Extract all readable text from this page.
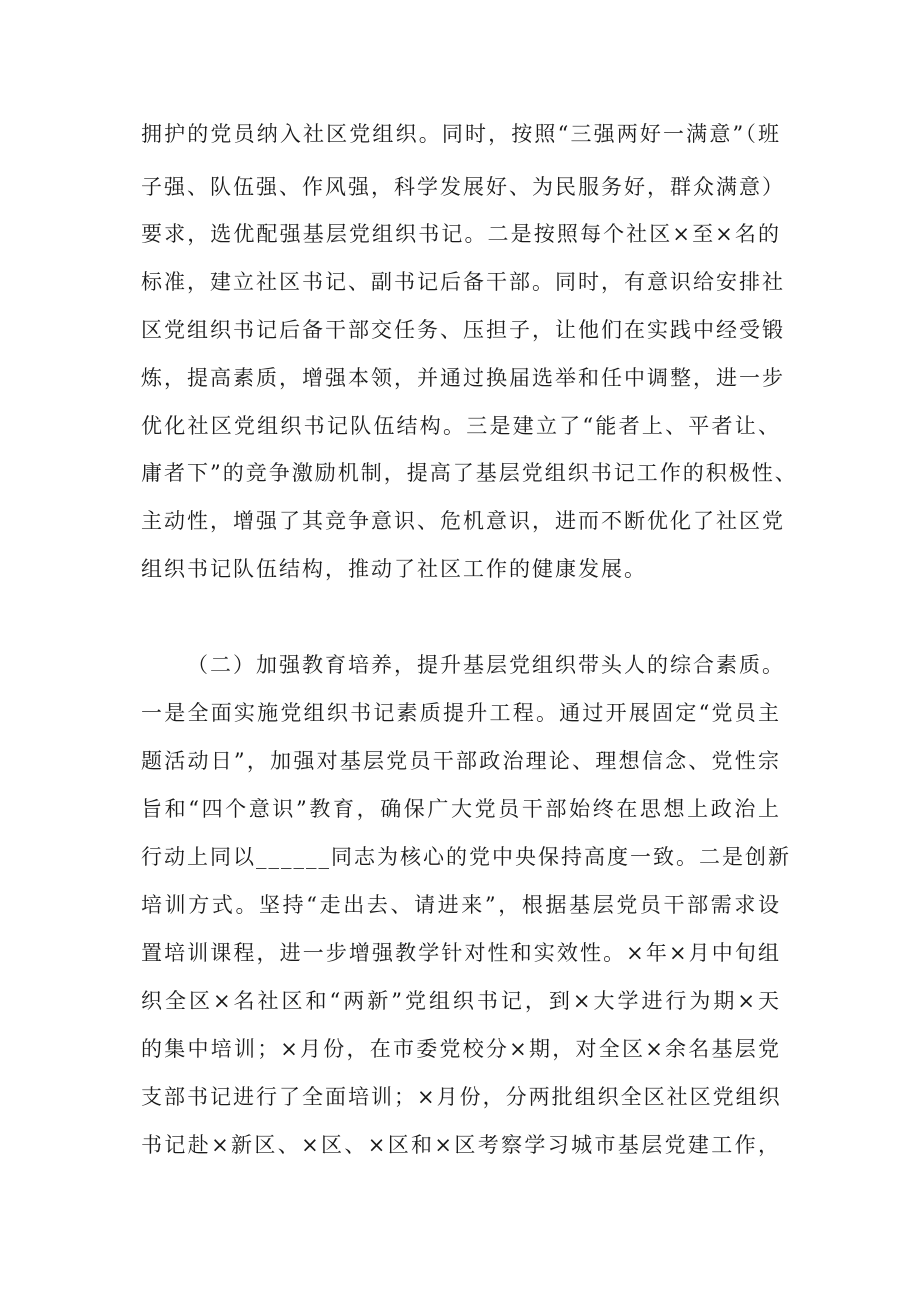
拥护的党员纳入社区党组织。同时，按照“三强两好一满意”（班
子强、队伍强、作风强，科学发展好、为民服务好，群众满意）
要求，选优配强基层党组织书记。二是按照每个社区×至×名的
标准，建立社区书记、副书记后备干部。同时，有意识给安排社
区党组织书记后备干部交任务、压担子，让他们在实践中经受锻
炼，提高素质，增强本领，并通过换届选举和任中调整，进一步
优化社区党组织书记队伍结构。三是建立了“能者上、平者让、
庸者下”的竞争激励机制，提高了基层党组织书记工作的积极性、
主动性，增强了其竞争意识、危机意识，进而不断优化了社区党
组织书记队伍结构，推动了社区工作的健康发展。
（二）加强教育培养，提升基层党组织带头人的综合素质。
一是全面实施党组织书记素质提升工程。通过开展固定“党员主
题活动日”，加强对基层党员干部政治理论、理想信念、党性宗
旨和“四个意识”教育，确保广大党员干部始终在思想上政治上
行动上同以______同志为核心的党中央保持高度一致。二是创新
培训方式。坚持“走出去、请进来”，根据基层党员干部需求设
置培训课程，进一步增强教学针对性和实效性。×年×月中旬组
织全区×名社区和“两新”党组织书记，到×大学进行为期×天
的集中培训；×月份，在市委党校分×期，对全区×余名基层党
支部书记进行了全面培训；×月份，分两批组织全区社区党组织
书记赴×新区、×区、×区和×区考察学习城市基层党建工作，
